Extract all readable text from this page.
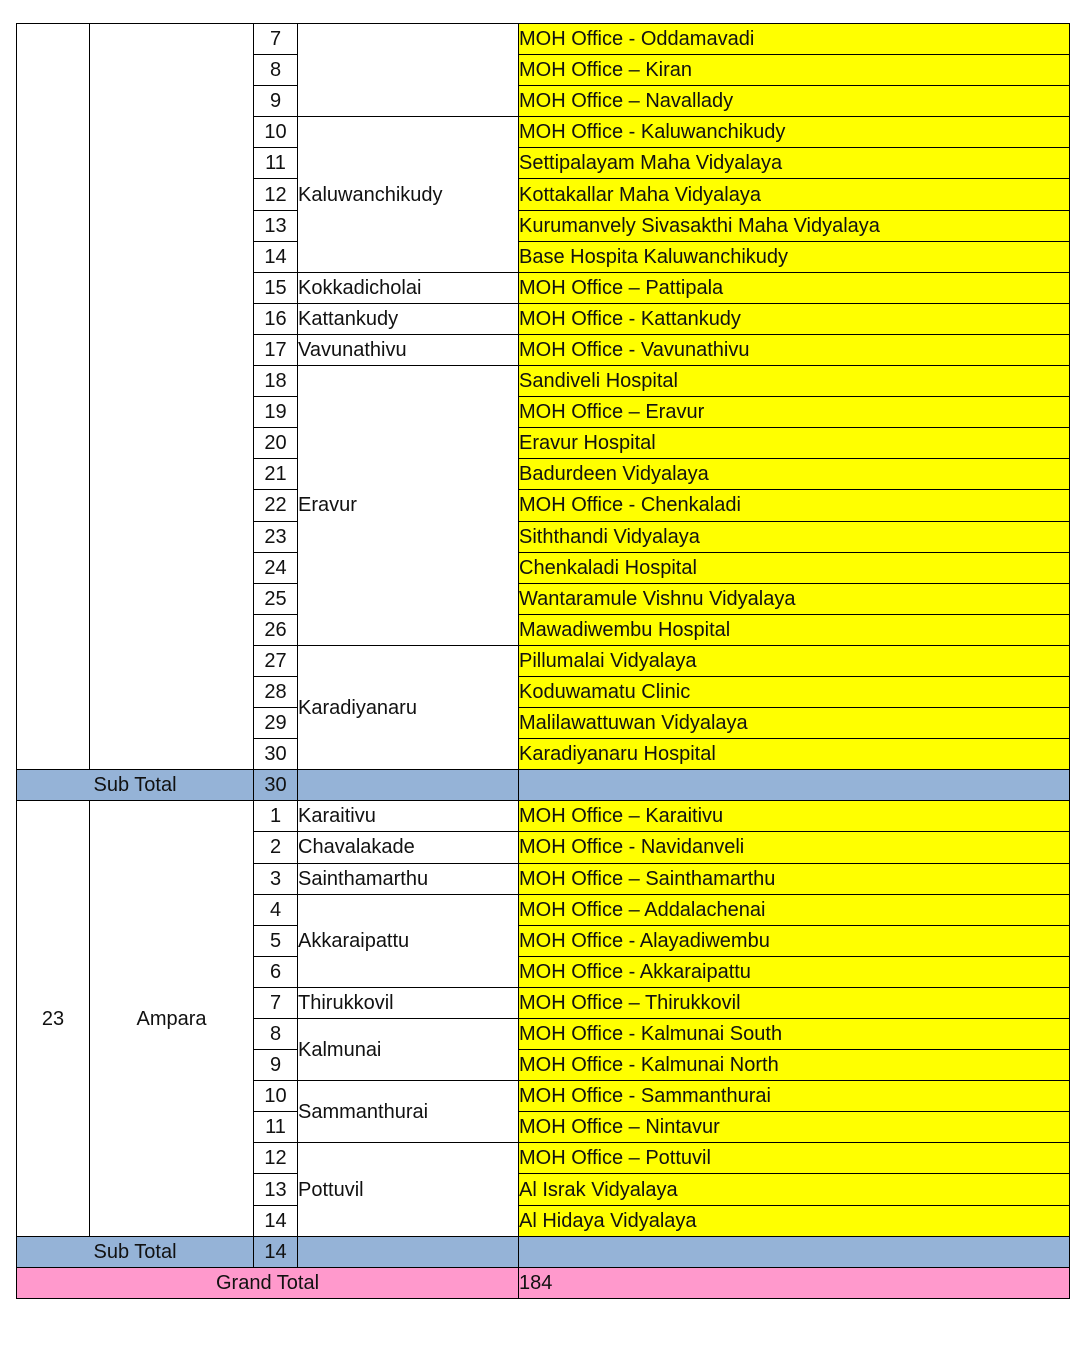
		7		MOH Office - Oddamavadi
		8		MOH Office – Kiran
		9		MOH Office – Navallady
		10	Kaluwanchikudy	MOH Office - Kaluwanchikudy
		11		Settipalayam Maha Vidyalaya
		12		Kottakallar Maha Vidyalaya
		13		Kurumanvely Sivasakthi Maha Vidyalaya
		14		Base Hospita Kaluwanchikudy
		15	Kokkadicholai	MOH Office – Pattipala
		16	Kattankudy	MOH Office - Kattankudy
		17	Vavunathivu	MOH Office - Vavunathivu
		18	Eravur	Sandiveli Hospital
		19		MOH Office – Eravur
		20		Eravur Hospital
		21		Badurdeen Vidyalaya
		22		MOH Office - Chenkaladi
		23		Siththandi Vidyalaya
		24		Chenkaladi Hospital
		25		Wantaramule Vishnu Vidyalaya
		26		Mawadiwembu Hospital
		27	Karadiyanaru	Pillumalai Vidyalaya
		28		Koduwamatu Clinic
		29		Malilawattuwan Vidyalaya
		30		Karadiyanaru Hospital
Sub Total		30		
23	Ampara	1	Karaitivu	MOH Office – Karaitivu
		2	Chavalakade	MOH Office - Navidanveli
		3	Sainthamarthu	MOH Office – Sainthamarthu
		4	Akkaraipattu	MOH Office – Addalachenai
		5		MOH Office - Alayadiwembu
		6		MOH Office - Akkaraipattu
		7	Thirukkovil	MOH Office – Thirukkovil
		8	Kalmunai	MOH Office - Kalmunai South
		9		MOH Office - Kalmunai North
		10	Sammanthurai	MOH Office - Sammanthurai
		11		MOH Office – Nintavur
		12	Pottuvil	MOH Office – Pottuvil
		13		Al Israk Vidyalaya
		14		Al Hidaya Vidyalaya
Sub Total		14		
Grand Total				184
